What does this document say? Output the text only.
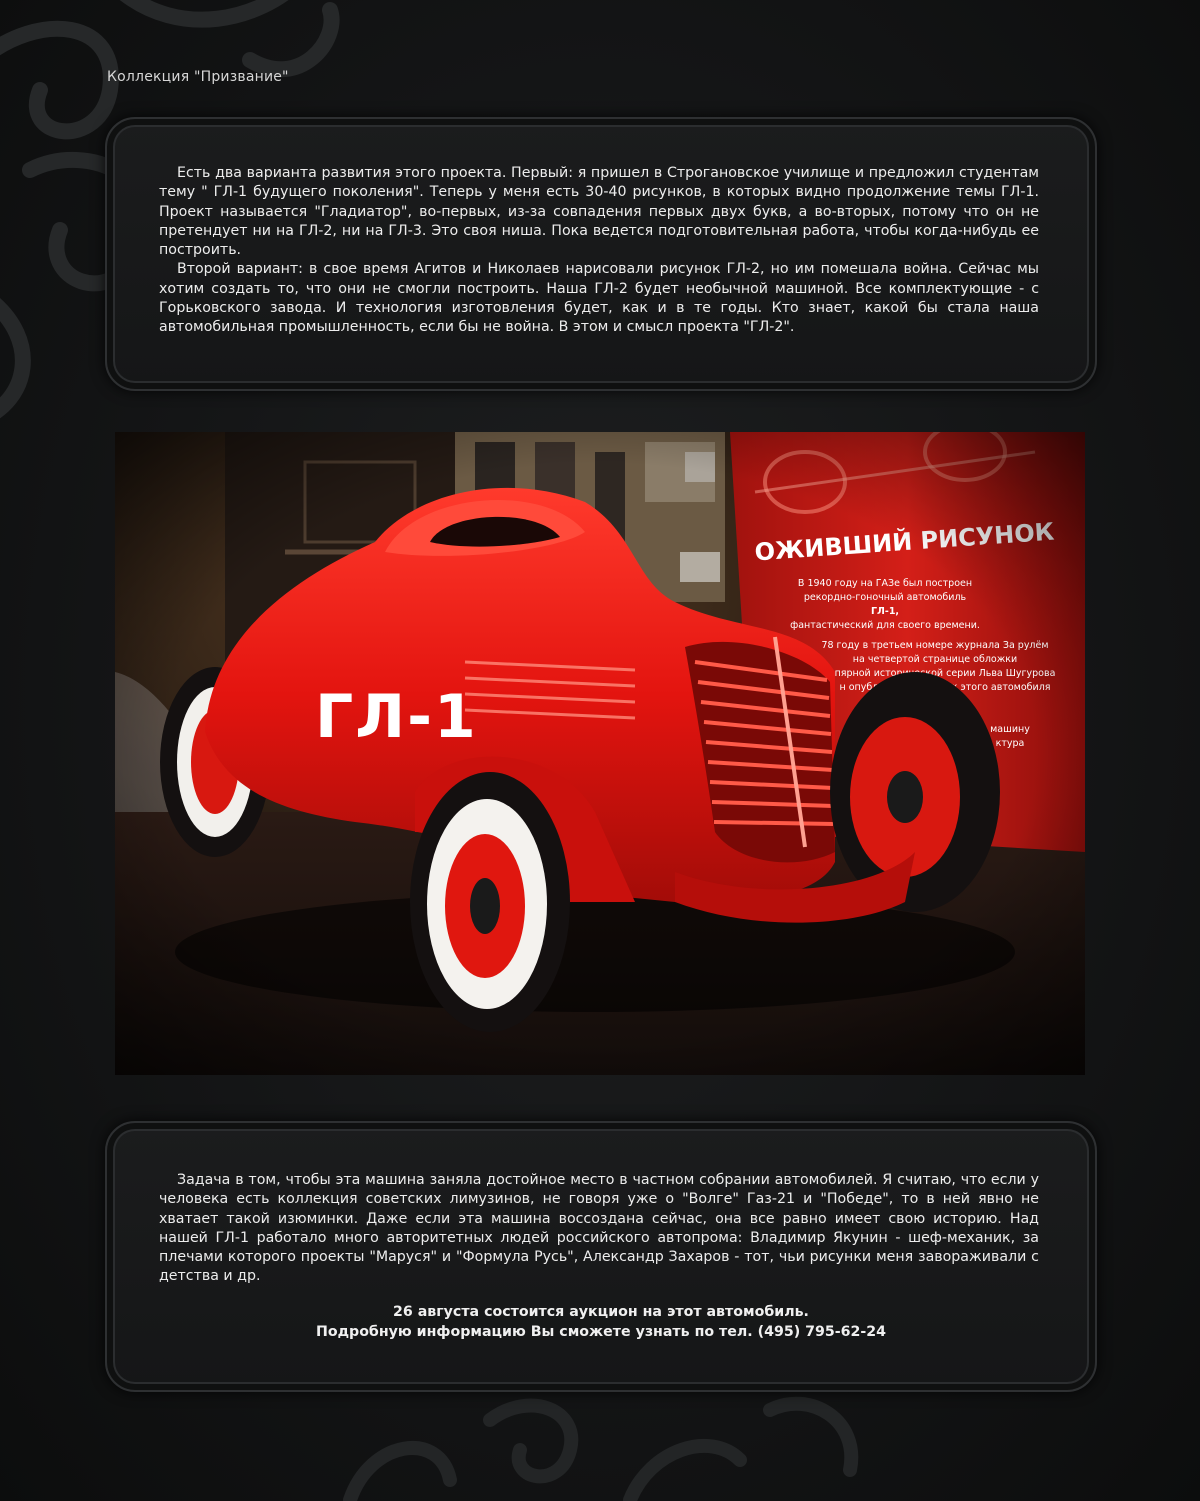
Коллекция "Призвание"

Есть два варианта развития этого проекта. Первый: я пришел в Строгановское училище и предложил студентам тему " ГЛ-1 будущего поколения". Теперь у меня есть 30-40 рисунков, в которых видно продолжение темы ГЛ-1. Проект называется "Гладиатор", во-первых, из-за совпадения первых двух букв, а во-вторых, потому что он не претендует ни на ГЛ-2, ни на ГЛ-3. Это своя ниша. Пока ведется подготовительная работа, чтобы когда-нибудь ее построить.

Второй вариант: в свое время Агитов и Николаев нарисовали рисунок ГЛ-2, но им помешала война. Сейчас мы хотим создать то, что они не смогли построить. Наша ГЛ-2 будет необычной машиной. Все комплектующие - с Горьковского завода. И технология изготовления будет, как и в те годы. Кто знает, какой бы стала наша автомобильная промышленность, если бы не война. В этом и смысл проекта "ГЛ-2".

Задача в том, чтобы эта машина заняла достойное место в частном собрании автомобилей. Я считаю, что если у человека есть коллекция советских лимузинов, не говоря уже о "Волге" Газ-21 и "Победе", то в ней явно не хватает такой изюминки. Даже если эта машина воссоздана сейчас, она все равно имеет свою историю. Над нашей ГЛ-1 работало много авторитетных людей российского автопрома: Владимир Якунин - шеф-механик, за плечами которого проекты "Маруся" и "Формула Русь", Александр Захаров - тот, чьи рисунки меня завораживали с детства и др.

26 августа состоится аукцион на этот автомобиль.
Подробную информацию Вы сможете узнать по тел. (495) 795-62-24
